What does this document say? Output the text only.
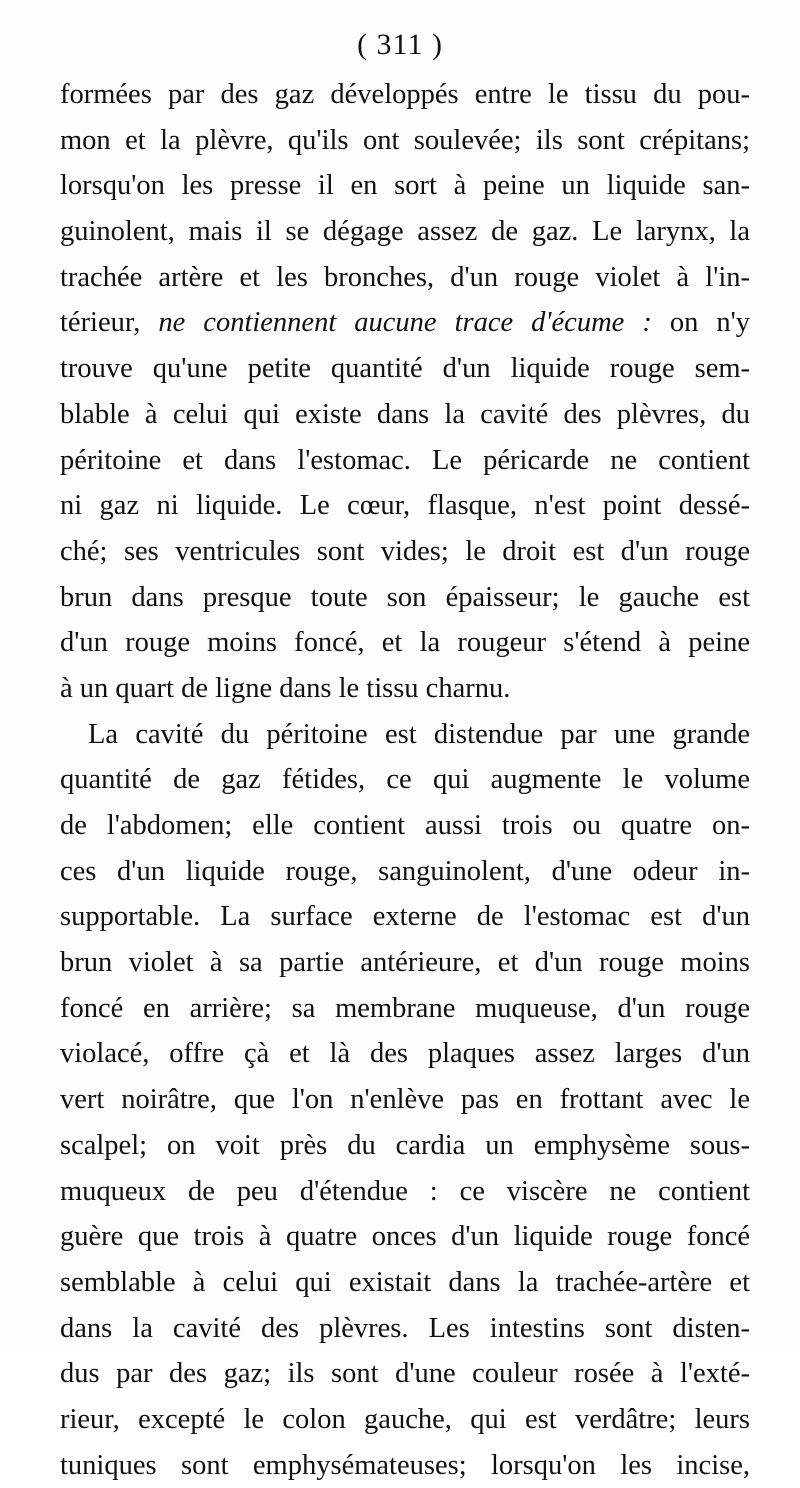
( 311 )
formées par des gaz développés entre le tissu du pou-
mon et la plèvre, qu'ils ont soulevée; ils sont crépitans;
lorsqu'on les presse il en sort à peine un liquide san-
guinolent, mais il se dégage assez de gaz. Le larynx, la
trachée artère et les bronches, d'un rouge violet à l'in-
térieur, ne contiennent aucune trace d'écume : on n'y
trouve qu'une petite quantité d'un liquide rouge sem-
blable à celui qui existe dans la cavité des plèvres, du
péritoine et dans l'estomac. Le péricarde ne contient
ni gaz ni liquide. Le cœur, flasque, n'est point dessé-
ché; ses ventricules sont vides; le droit est d'un rouge
brun dans presque toute son épaisseur; le gauche est
d'un rouge moins foncé, et la rougeur s'étend à peine
à un quart de ligne dans le tissu charnu.
La cavité du péritoine est distendue par une grande
quantité de gaz fétides, ce qui augmente le volume
de l'abdomen; elle contient aussi trois ou quatre on-
ces d'un liquide rouge, sanguinolent, d'une odeur in-
supportable. La surface externe de l'estomac est d'un
brun violet à sa partie antérieure, et d'un rouge moins
foncé en arrière; sa membrane muqueuse, d'un rouge
violacé, offre çà et là des plaques assez larges d'un
vert noirâtre, que l'on n'enlève pas en frottant avec le
scalpel; on voit près du cardia un emphysème sous-
muqueux de peu d'étendue : ce viscère ne contient
guère que trois à quatre onces d'un liquide rouge foncé
semblable à celui qui existait dans la trachée-artère et
dans la cavité des plèvres. Les intestins sont disten-
dus par des gaz; ils sont d'une couleur rosée à l'exté-
rieur, excepté le colon gauche, qui est verdâtre; leurs
tuniques sont emphysémateuses; lorsqu'on les incise,
